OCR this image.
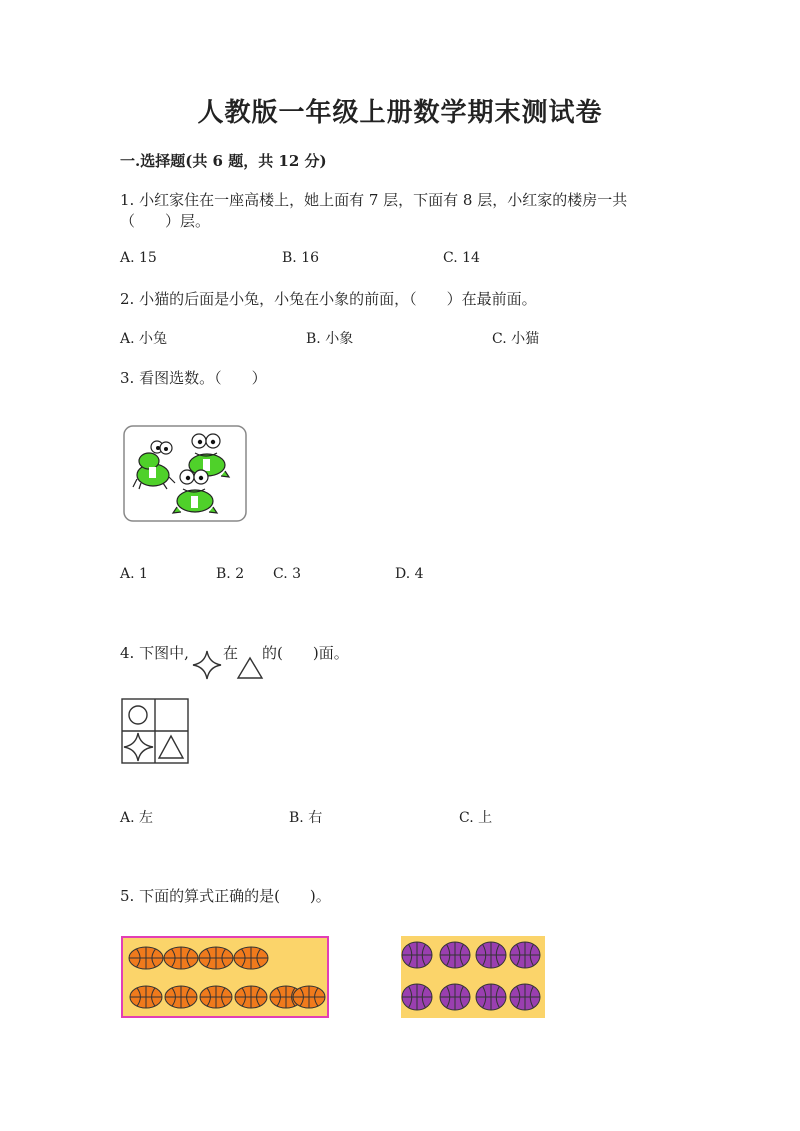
人教版一年级上册数学期末测试卷
一.选择题(共 6 题，共 12 分)
1. 小红家住在一座高楼上，她上面有 7 层，下面有 8 层，小红家的楼房一共
（　　）层。
A. 15	B. 16	C. 14
2. 小猫的后面是小兔，小兔在小象的前面，（　　）在最前面。
A. 小兔	B. 小象	C. 小猫
3. 看图选数。（　　）
A. 1	B. 2 C. 3	D. 4
4. 下图中, 在 的(　　)面。
A. 左	B. 右	C. 上
5. 下面的算式正确的是(　　)。
